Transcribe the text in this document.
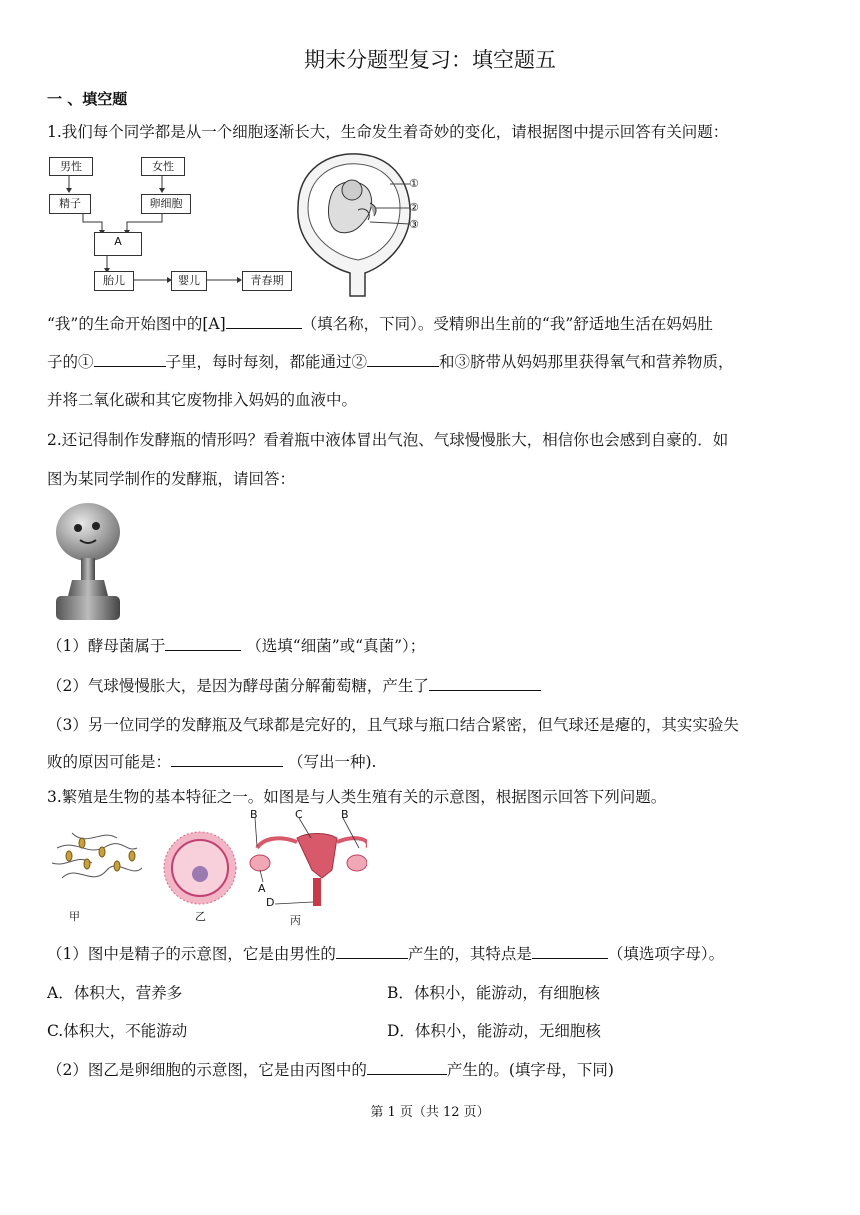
期末分题型复习：填空题五
一 、填空题
1.我们每个同学都是从一个细胞逐渐长大，生命发生着奇妙的变化，请根据图中提示回答有关问题：
男性	女性
精子	卵细胞
A
胎儿	婴儿	青春期
①
②
③
“我”的生命开始图中的[A]	（填名称，下同）。受精卵出生前的“我”舒适地生活在妈妈肚
子的①	子里，每时每刻，都能通过②	和③脐带从妈妈那里获得氧气和营养物质，
并将二氧化碳和其它废物排入妈妈的血液中。
2.还记得制作发酵瓶的情形吗？看着瓶中液体冒出气泡、气球慢慢胀大，相信你也会感到自豪的．如
图为某同学制作的发酵瓶，请回答：
（1）酵母菌属于	（选填“细菌”或“真菌”）；
（2）气球慢慢胀大，是因为酵母菌分解葡萄糖，产生了
（3）另一位同学的发酵瓶及气球都是完好的，且气球与瓶口结合紧密，但气球还是瘪的，其实实验失
败的原因可能是：	（写出一种).
3.繁殖是生物的基本特征之一。如图是与人类生殖有关的示意图，根据图示回答下列问题。
甲	乙	丙
B	C	B
A
D
（1）图中是精子的示意图，它是由男性的	产生的，其特点是	（填选项字母）。
A．体积大，营养多	B．体积小，能游动，有细胞核
C.体积大，不能游动	D．体积小，能游动，无细胞核
（2）图乙是卵细胞的示意图，它是由丙图中的	产生的。(填字母，下同)
第 1 页（共 12 页）
